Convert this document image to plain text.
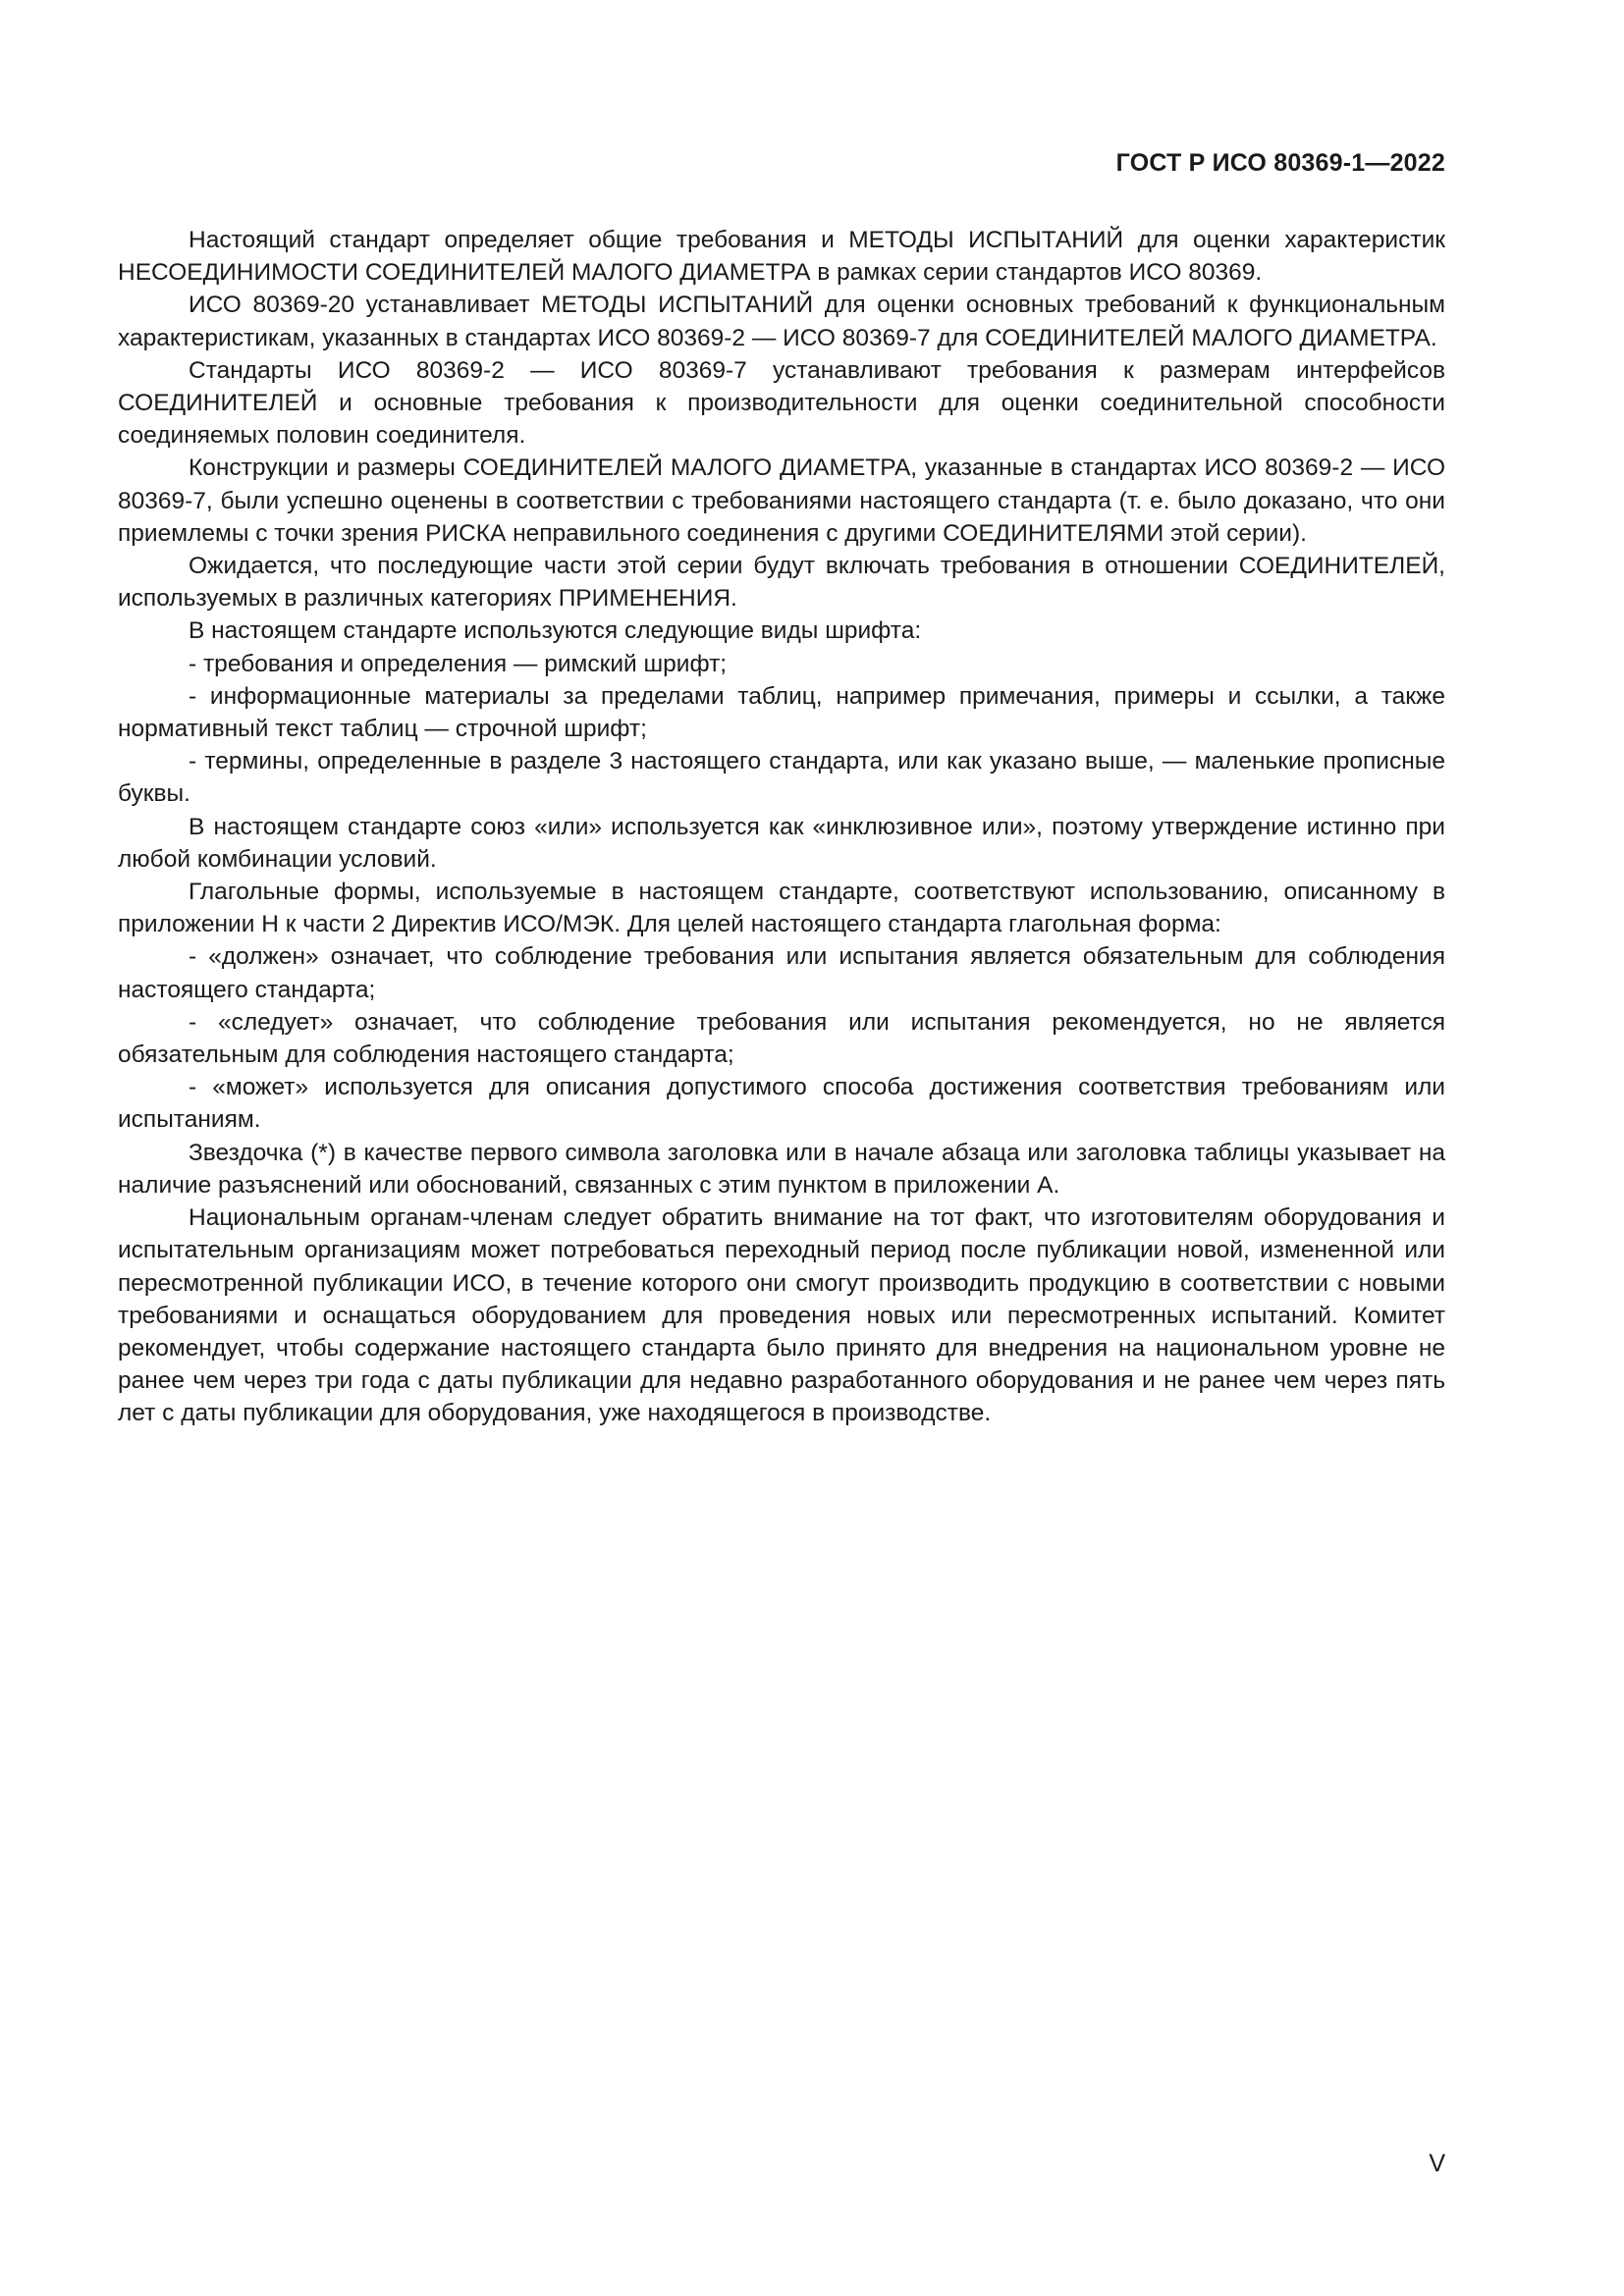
ГОСТ Р ИСО 80369-1—2022

Настоящий стандарт определяет общие требования и МЕТОДЫ ИСПЫТАНИЙ для оценки характеристик НЕСОЕДИНИМОСТИ СОЕДИНИТЕЛЕЙ МАЛОГО ДИАМЕТРА в рамках серии стандартов ИСО 80369.

ИСО 80369-20 устанавливает МЕТОДЫ ИСПЫТАНИЙ для оценки основных требований к функциональным характеристикам, указанных в стандартах ИСО 80369-2 — ИСО 80369-7 для СОЕДИНИТЕЛЕЙ МАЛОГО ДИАМЕТРА.

Стандарты ИСО 80369-2 — ИСО 80369-7 устанавливают требования к размерам интерфейсов СОЕДИНИТЕЛЕЙ и основные требования к производительности для оценки соединительной способности соединяемых половин соединителя.

Конструкции и размеры СОЕДИНИТЕЛЕЙ МАЛОГО ДИАМЕТРА, указанные в стандартах ИСО 80369-2 — ИСО 80369-7, были успешно оценены в соответствии с требованиями настоящего стандарта (т. е. было доказано, что они приемлемы с точки зрения РИСКА неправильного соединения с другими СОЕДИНИТЕЛЯМИ этой серии).

Ожидается, что последующие части этой серии будут включать требования в отношении СОЕДИНИТЕЛЕЙ, используемых в различных категориях ПРИМЕНЕНИЯ.

В настоящем стандарте используются следующие виды шрифта:

- требования и определения — римский шрифт;

- информационные материалы за пределами таблиц, например примечания, примеры и ссылки, а также нормативный текст таблиц — строчной шрифт;

- термины, определенные в разделе 3 настоящего стандарта, или как указано выше, — маленькие прописные буквы.

В настоящем стандарте союз «или» используется как «инклюзивное или», поэтому утверждение истинно при любой комбинации условий.

Глагольные формы, используемые в настоящем стандарте, соответствуют использованию, описанному в приложении Н к части 2 Директив ИСО/МЭК. Для целей настоящего стандарта глагольная форма:

- «должен» означает, что соблюдение требования или испытания является обязательным для соблюдения настоящего стандарта;

- «следует» означает, что соблюдение требования или испытания рекомендуется, но не является обязательным для соблюдения настоящего стандарта;

- «может» используется для описания допустимого способа достижения соответствия требованиям или испытаниям.

Звездочка (*) в качестве первого символа заголовка или в начале абзаца или заголовка таблицы указывает на наличие разъяснений или обоснований, связанных с этим пунктом в приложении А.

Национальным органам-членам следует обратить внимание на тот факт, что изготовителям оборудования и испытательным организациям может потребоваться переходный период после публикации новой, измененной или пересмотренной публикации ИСО, в течение которого они смогут производить продукцию в соответствии с новыми требованиями и оснащаться оборудованием для проведения новых или пересмотренных испытаний. Комитет рекомендует, чтобы содержание настоящего стандарта было принято для внедрения на национальном уровне не ранее чем через три года с даты публикации для недавно разработанного оборудования и не ранее чем через пять лет с даты публикации для оборудования, уже находящегося в производстве.

V
